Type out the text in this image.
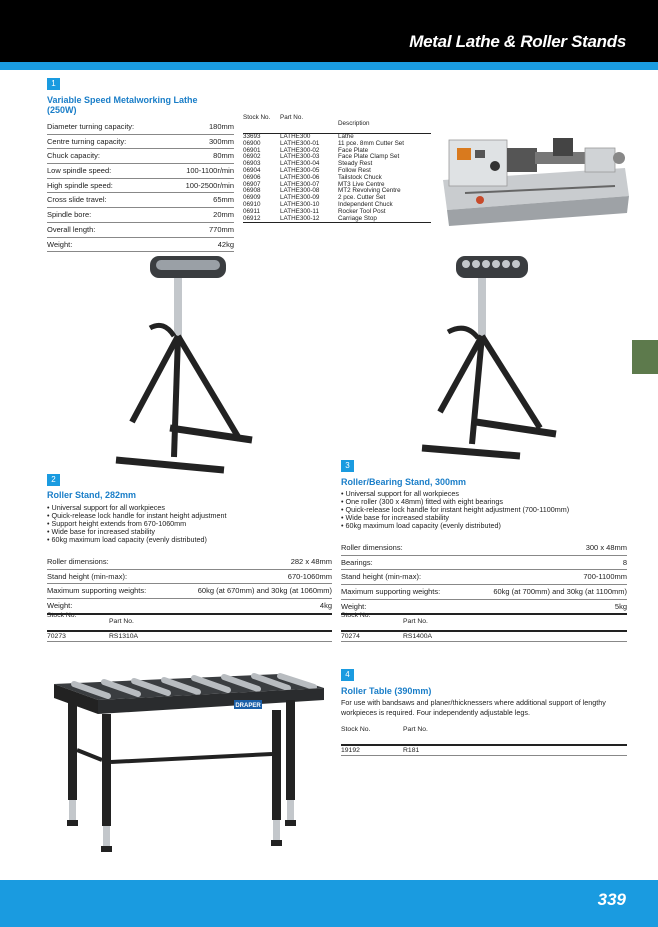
Metal Lathe & Roller Stands
1
Variable Speed Metalworking Lathe
(250W)
Diameter turning capacity:	180mm
Centre turning capacity:	300mm
Chuck capacity:	80mm
Low spindle speed:	100-1100r/min
High spindle speed:	100-2500r/min
Cross slide travel:	65mm
Spindle bore:	20mm
Overall length:	770mm
Weight:	42kg
Stock No.	Part No.
Description
33693	LATHE300	Lathe
06900	LATHE300-01	11 pce. 8mm Cutter Set
06901	LATHE300-02	Face Plate
06902	LATHE300-03	Face Plate Clamp Set
06903	LATHE300-04	Steady Rest
06904	LATHE300-05	Follow Rest
06906	LATHE300-06	Tailstock Chuck
06907	LATHE300-07	MT3 Live Centre
06908	LATHE300-08	MT2 Revolving Centre
06909	LATHE300-09	2 pce. Cutter Set
06910	LATHE300-10	Independent Chuck
06911	LATHE300-11	Rocker Tool Post
06912	LATHE300-12	Carriage Stop
2
Roller Stand, 282mm
• Universal support for all workpieces
• Quick-release lock handle for instant height adjustment
• Support height extends from 670-1060mm
• Wide base for increased stability
• 60kg maximum load capacity (evenly distributed)
Roller dimensions:	282 x 48mm
Stand height (min-max):	670-1060mm
Maximum supporting weights:	60kg (at 670mm) and 30kg (at 1060mm)
Weight:	4kg
Stock No.
Part No.
70273	RS1310A
3
Roller/Bearing Stand, 300mm
• Universal support for all workpieces
• One roller (300 x 48mm) fitted with eight bearings
• Quick-release lock handle for instant height adjustment (700-1100mm)
• Wide base for increased stability
• 60kg maximum load capacity (evenly distributed)
Roller dimensions:	300 x 48mm
Bearings:	8
Stand height (min-max):	700-1100mm
Maximum supporting weights:	60kg (at 700mm) and 30kg (at 1100mm)
Weight:	5kg
Stock No.
Part No.
70274	RS1400A
DRAPER
4
Roller Table (390mm)
For use with bandsaws and planer/thicknessers where additional support of lengthy workpieces is required. Four independently adjustable legs.
Stock No.	Part No.
19192	R181
339
